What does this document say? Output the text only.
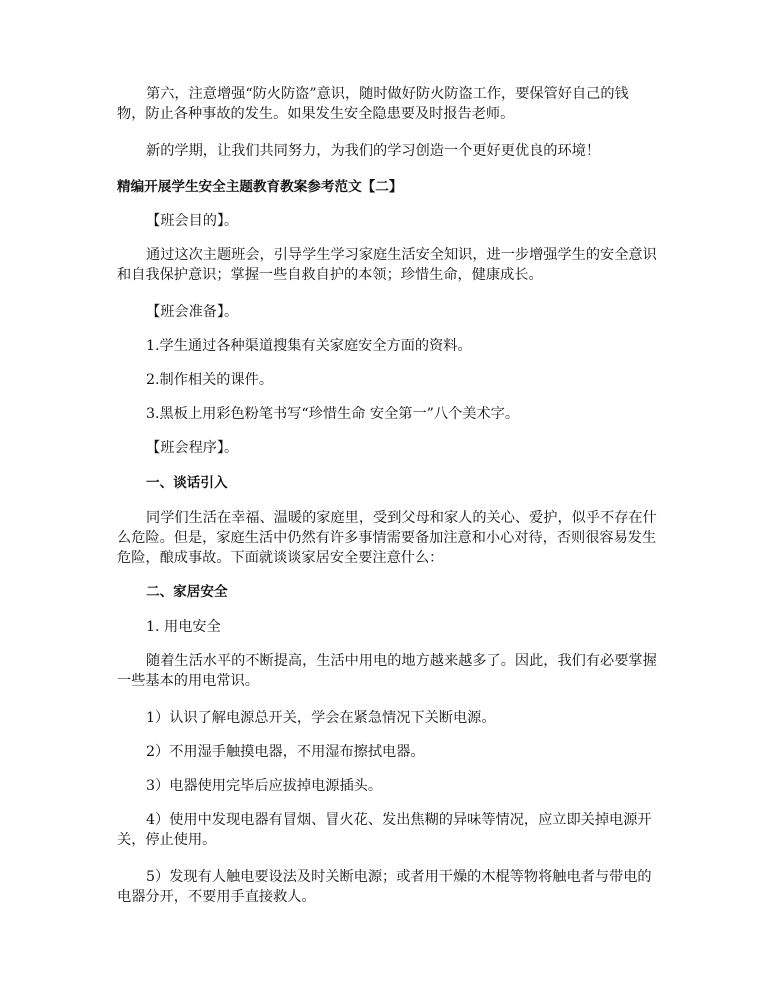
第六，注意增强“防火防盗”意识，随时做好防火防盗工作，要保管好自己的钱物，防止各种事故的发生。如果发生安全隐患要及时报告老师。

新的学期，让我们共同努力，为我们的学习创造一个更好更优良的环境！

精编开展学生安全主题教育教案参考范文【二】

【班会目的】。

通过这次主题班会，引导学生学习家庭生活安全知识，进一步增强学生的安全意识和自我保护意识；掌握一些自救自护的本领；珍惜生命，健康成长。

【班会准备】。

1.学生通过各种渠道搜集有关家庭安全方面的资料。

2.制作相关的课件。

3.黑板上用彩色粉笔书写“珍惜生命 安全第一”八个美术字。

【班会程序】。

一、谈话引入

同学们生活在幸福、温暖的家庭里，受到父母和家人的关心、爱护，似乎不存在什么危险。但是，家庭生活中仍然有许多事情需要备加注意和小心对待，否则很容易发生危险，酿成事故。下面就谈谈家居安全要注意什么：

二、家居安全

1. 用电安全

随着生活水平的不断提高，生活中用电的地方越来越多了。因此，我们有必要掌握一些基本的用电常识。

1）认识了解电源总开关，学会在紧急情况下关断电源。

2）不用湿手触摸电器，不用湿布擦拭电器。

3）电器使用完毕后应拔掉电源插头。

4）使用中发现电器有冒烟、冒火花、发出焦糊的异味等情况，应立即关掉电源开关，停止使用。

5）发现有人触电要设法及时关断电源；或者用干燥的木棍等物将触电者与带电的电器分开，不要用手直接救人。
